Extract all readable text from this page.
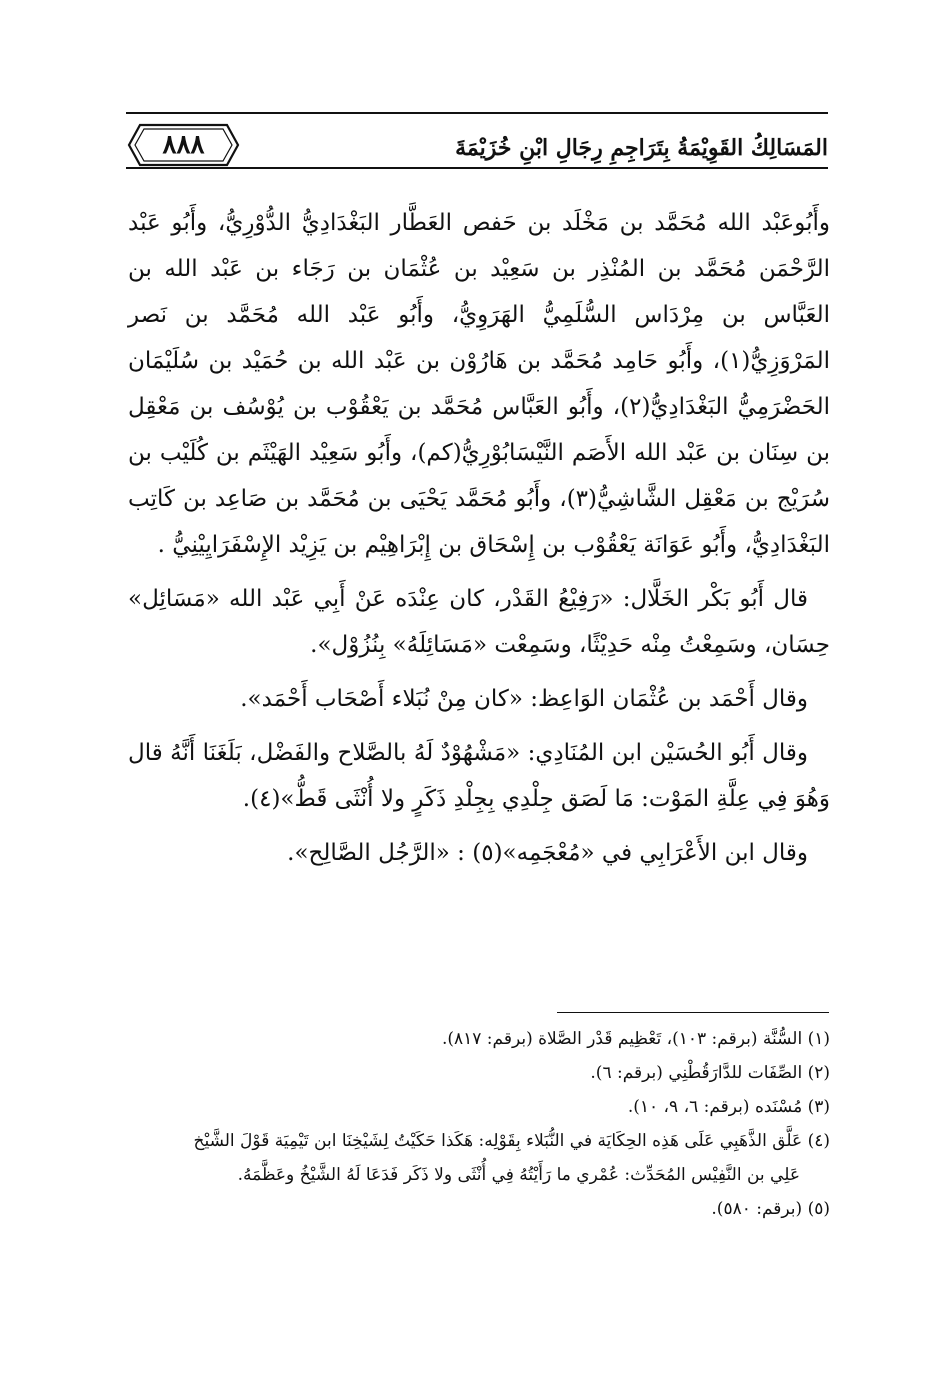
المَسَالِكُ القَوِيْمَةُ بِتَرَاجِمِ رِجَالِ ابْنِ خُزَيْمَةَ
٨٨٨

وأَبُوعَبْد الله مُحَمَّد بن مَخْلَد بن حَفص العَطَّار البَغْدَادِيُّ الدُّوْرِيُّ، وأَبُو عَبْد الرَّحْمَن مُحَمَّد بن المُنْذِر بن سَعِيْد بن عُثْمَان بن رَجَاء بن عَبْد الله بن العَبَّاس بن مِرْدَاس السُّلَمِيُّ الهَرَوِيُّ، وأَبُو عَبْد الله مُحَمَّد بن نَصر المَرْوَزِيُّ(١)، وأَبُو حَامِد مُحَمَّد بن هَارُوْن بن عَبْد الله بن حُمَيْد بن سُلَيْمَان الحَضْرَمِيُّ البَغْدَادِيُّ(٢)، وأَبُو العَبَّاس مُحَمَّد بن يَعْقُوْب بن يُوْسُف بن مَعْقِل بن سِنَان بن عَبْد الله الأَصَم النَّيْسَابُوْرِيُّ(كم)، وأَبُو سَعِيْد الهَيْثَم بن كُلَيْب بن سُرَيْج بن مَعْقِل الشَّاشِيُّ(٣)، وأَبُو مُحَمَّد يَحْيَى بن مُحَمَّد بن صَاعِد بن كَاتِب البَغْدَادِيُّ، وأَبُو عَوَانَة يَعْقُوْب بن إِسْحَاق بن إِبْرَاهِيْم بن يَزِيْد الإِسْفَرَايِيْنِيُّ .

قال أَبُو بَكْر الخَلَّال: «رَفِيْعُ القَدْر، كان عِنْدَه عَنْ أَبِي عَبْد الله «مَسَائِل» حِسَان، وسَمِعْتُ مِنْه حَدِيْثًا، وسَمِعْت «مَسَائِلَهُ» بِنُزُوْل».

وقال أَحْمَد بن عُثْمَان الوَاعِظ: «كان مِنْ نُبَلاء أَصْحَاب أَحْمَد».

وقال أَبُو الحُسَيْن ابن المُنَادِي: «مَشْهُوْدٌ لَهُ بالصَّلاح والفَضْل، بَلَغَنَا أَنَّهُ قال وَهُوَ فِي عِلَّةِ المَوْت: مَا لَصَق جِلْدِي بِجِلْدِ ذَكَرٍ ولا أُنْثَى قَطُّ»(٤).

وقال ابن الأَعْرَابِي في «مُعْجَمِه»(٥) : «الرَّجُل الصَّالِح».

(١) السُّنَّة (برقم: ١٠٣)، تَعْظِيم قَدْر الصَّلاة (برقم: ٨١٧).

(٢) الصِّفَات للدَّارَقُطْنِي (برقم: ٦).

(٣) مُسْنَده (برقم: ٦، ٩، ١٠).

(٤) عَلَّق الذَّهَبِي عَلَى هَذِه الحِكَايَة في النُّبَلاء بِقَوْلِه: هَكَذا حَكَيْتُ لِشَيْخِنَا ابن تَيْمِيَة قَوْلَ الشَّيْخ
عَلِي بن النَّفِيْس المُحَدِّث: عُمْري ما رَأَيْتُهُ فِي أُنْثَى ولا ذَكَر فَدَعَا لَهُ الشَّيْخُ وعَظَّمَهُ.

(٥) (برقم: ٥٨٠).
